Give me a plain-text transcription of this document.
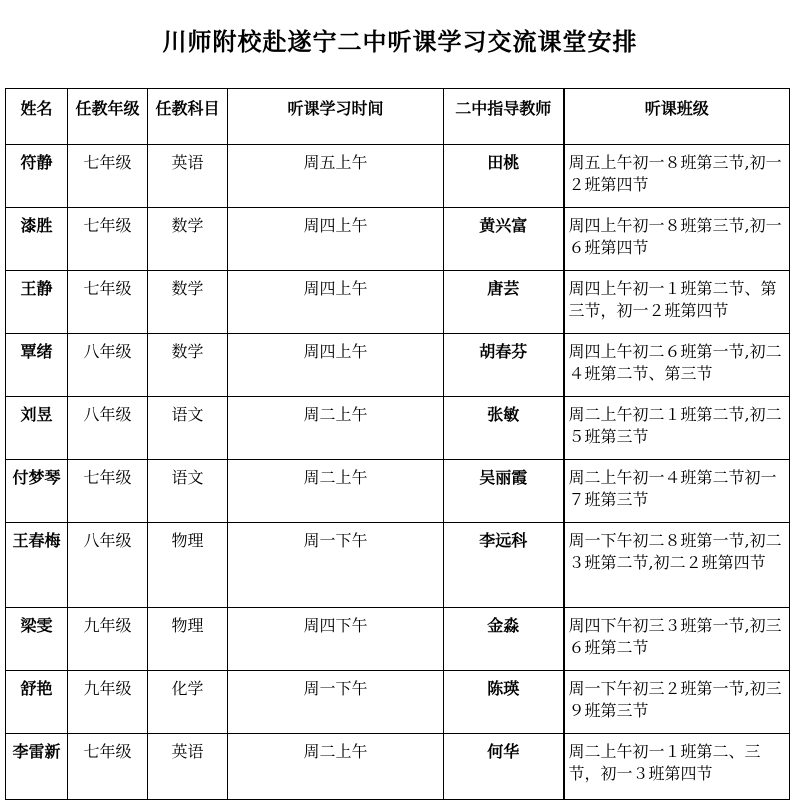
川师附校赴遂宁二中听课学习交流课堂安排
姓名	任教年级	任教科目	听课学习时间	二中指导教师	听课班级
符静	七年级	英语	周五上午	田桃	周五上午初一８班第三节,初一２班第四节
漆胜	七年级	数学	周四上午	黄兴富	周四上午初一８班第三节,初一６班第四节
王静	七年级	数学	周四上午	唐芸	周四上午初一１班第二节、第三节，初一２班第四节
覃绪	八年级	数学	周四上午	胡春芬	周四上午初二６班第一节,初二４班第二节、第三节
刘昱	八年级	语文	周二上午	张敏	周二上午初二１班第二节,初二５班第三节
付梦琴	七年级	语文	周二上午	吴丽霞	周二上午初一４班第二节初一７班第三节
王春梅	八年级	物理	周一下午	李远科	周一下午初二８班第一节,初二３班第二节,初二２班第四节
梁雯	九年级	物理	周四下午	金淼	周四下午初三３班第一节,初三６班第二节
舒艳	九年级	化学	周一下午	陈瑛	周一下午初三２班第一节,初三９班第三节
李雷新	七年级	英语	周二上午	何华	周二上午初一１班第二、三节，初一３班第四节
